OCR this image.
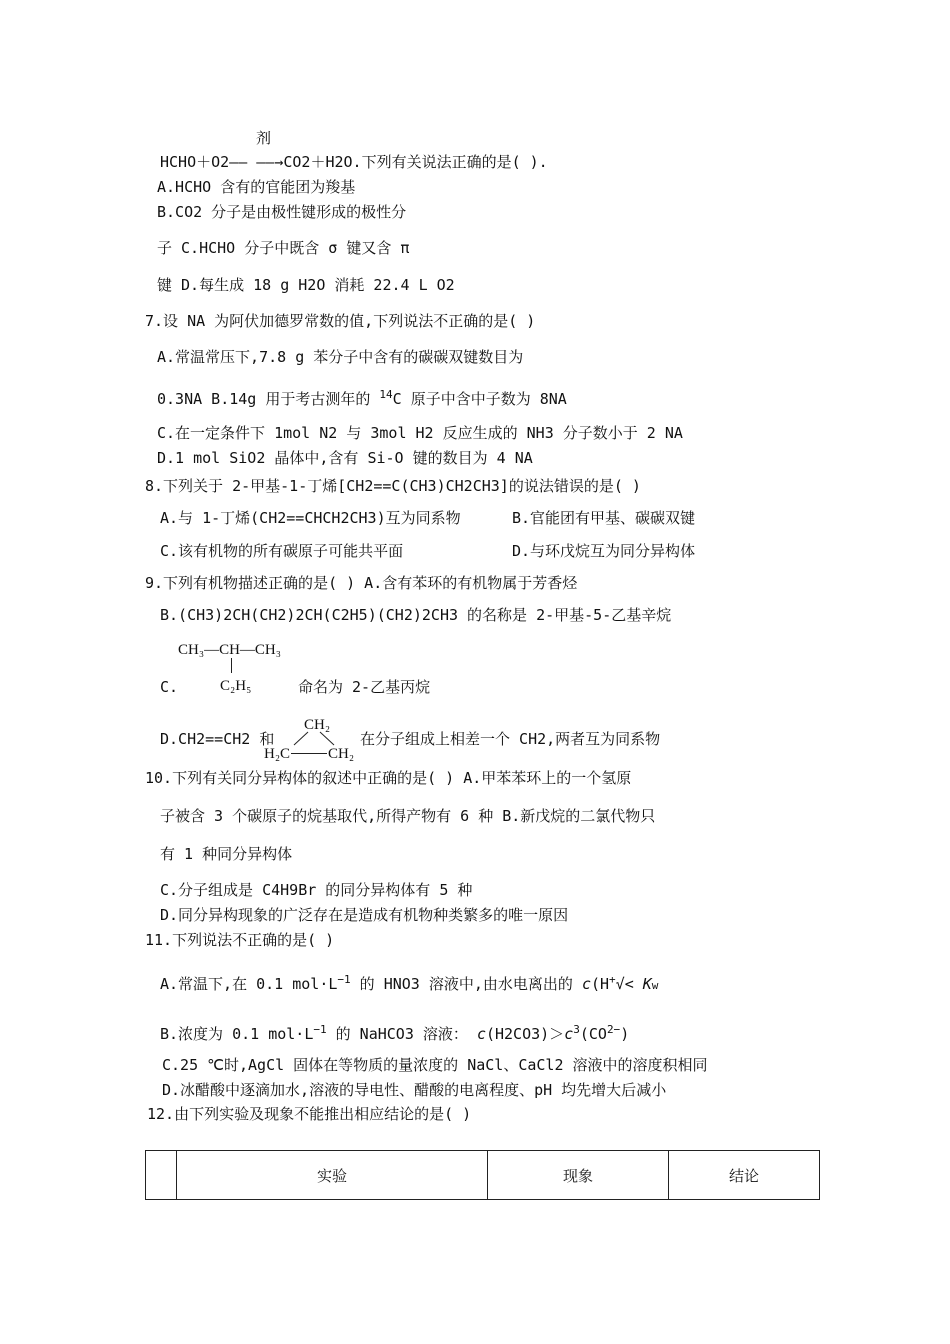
剂
HCHO＋O2—— ——→CO2＋H2O.下列有关说法正确的是( ).
A.HCHO 含有的官能团为羧基
B.CO2 分子是由极性键形成的极性分
子 C.HCHO 分子中既含 σ 键又含 π
键 D.每生成 18 g H2O 消耗 22.4 L O2
7.设 NA 为阿伏加德罗常数的值,下列说法不正确的是( )
A.常温常压下,7.8 g 苯分子中含有的碳碳双键数目为
0.3NA B.14g 用于考古测年的 $^{14}$C 原子中含中子数为 8NA
C.在一定条件下 1mol N2 与 3mol H2 反应生成的 NH3 分子数小于 2 NA
D.1 mol SiO2 晶体中,含有 Si-O 键的数目为 4 NA
8.下列关于 2-甲基-1-丁烯[CH2==C(CH3)CH2CH3]的说法错误的是( )
A.与 1-丁烯(CH2==CHCH2CH3)互为同系物	B.官能团有甲基、碳碳双键
C.该有机物的所有碳原子可能共平面	D.与环戊烷互为同分异构体
9.下列有机物描述正确的是( ) A.含有苯环的有机物属于芳香烃
B.(CH3)2CH(CH2)2CH(C2H5)(CH2)2CH3 的名称是 2-甲基-5-乙基辛烷
CH₃—CH—CH₃
C₂H₅
C.	命名为 2-乙基丙烷
D.CH2==CH2 和
CH₂
H₂C	CH₂
在分子组成上相差一个 CH2,两者互为同系物
10.下列有关同分异构体的叙述中正确的是( ) A.甲苯苯环上的一个氢原
子被含 3 个碳原子的烷基取代,所得产物有 6 种 B.新戊烷的二氯代物只
有 1 种同分异构体
C.分子组成是 C4H9Br 的同分异构体有 5 种
D.同分异构现象的广泛存在是造成有机物种类繁多的唯一原因
11.下列说法不正确的是( )
A.常温下,在 0.1 $mol\cdot L^{-1}$ 的 HNO3 溶液中,由水电离出的 c(H+√< Kw
B.浓度为 0.1 $mol\cdot L^{-1}$ 的 NaHCO3 溶液： $c(H2CO3)>c^3(CO^{2-})$
C.25 ℃时,AgCl 固体在等物质的量浓度的 NaCl、CaCl2 溶液中的溶度积相同
D.冰醋酸中逐滴加水,溶液的导电性、醋酸的电离程度、pH 均先增大后减小
12.由下列实验及现象不能推出相应结论的是( )
	实验	现象	结论
